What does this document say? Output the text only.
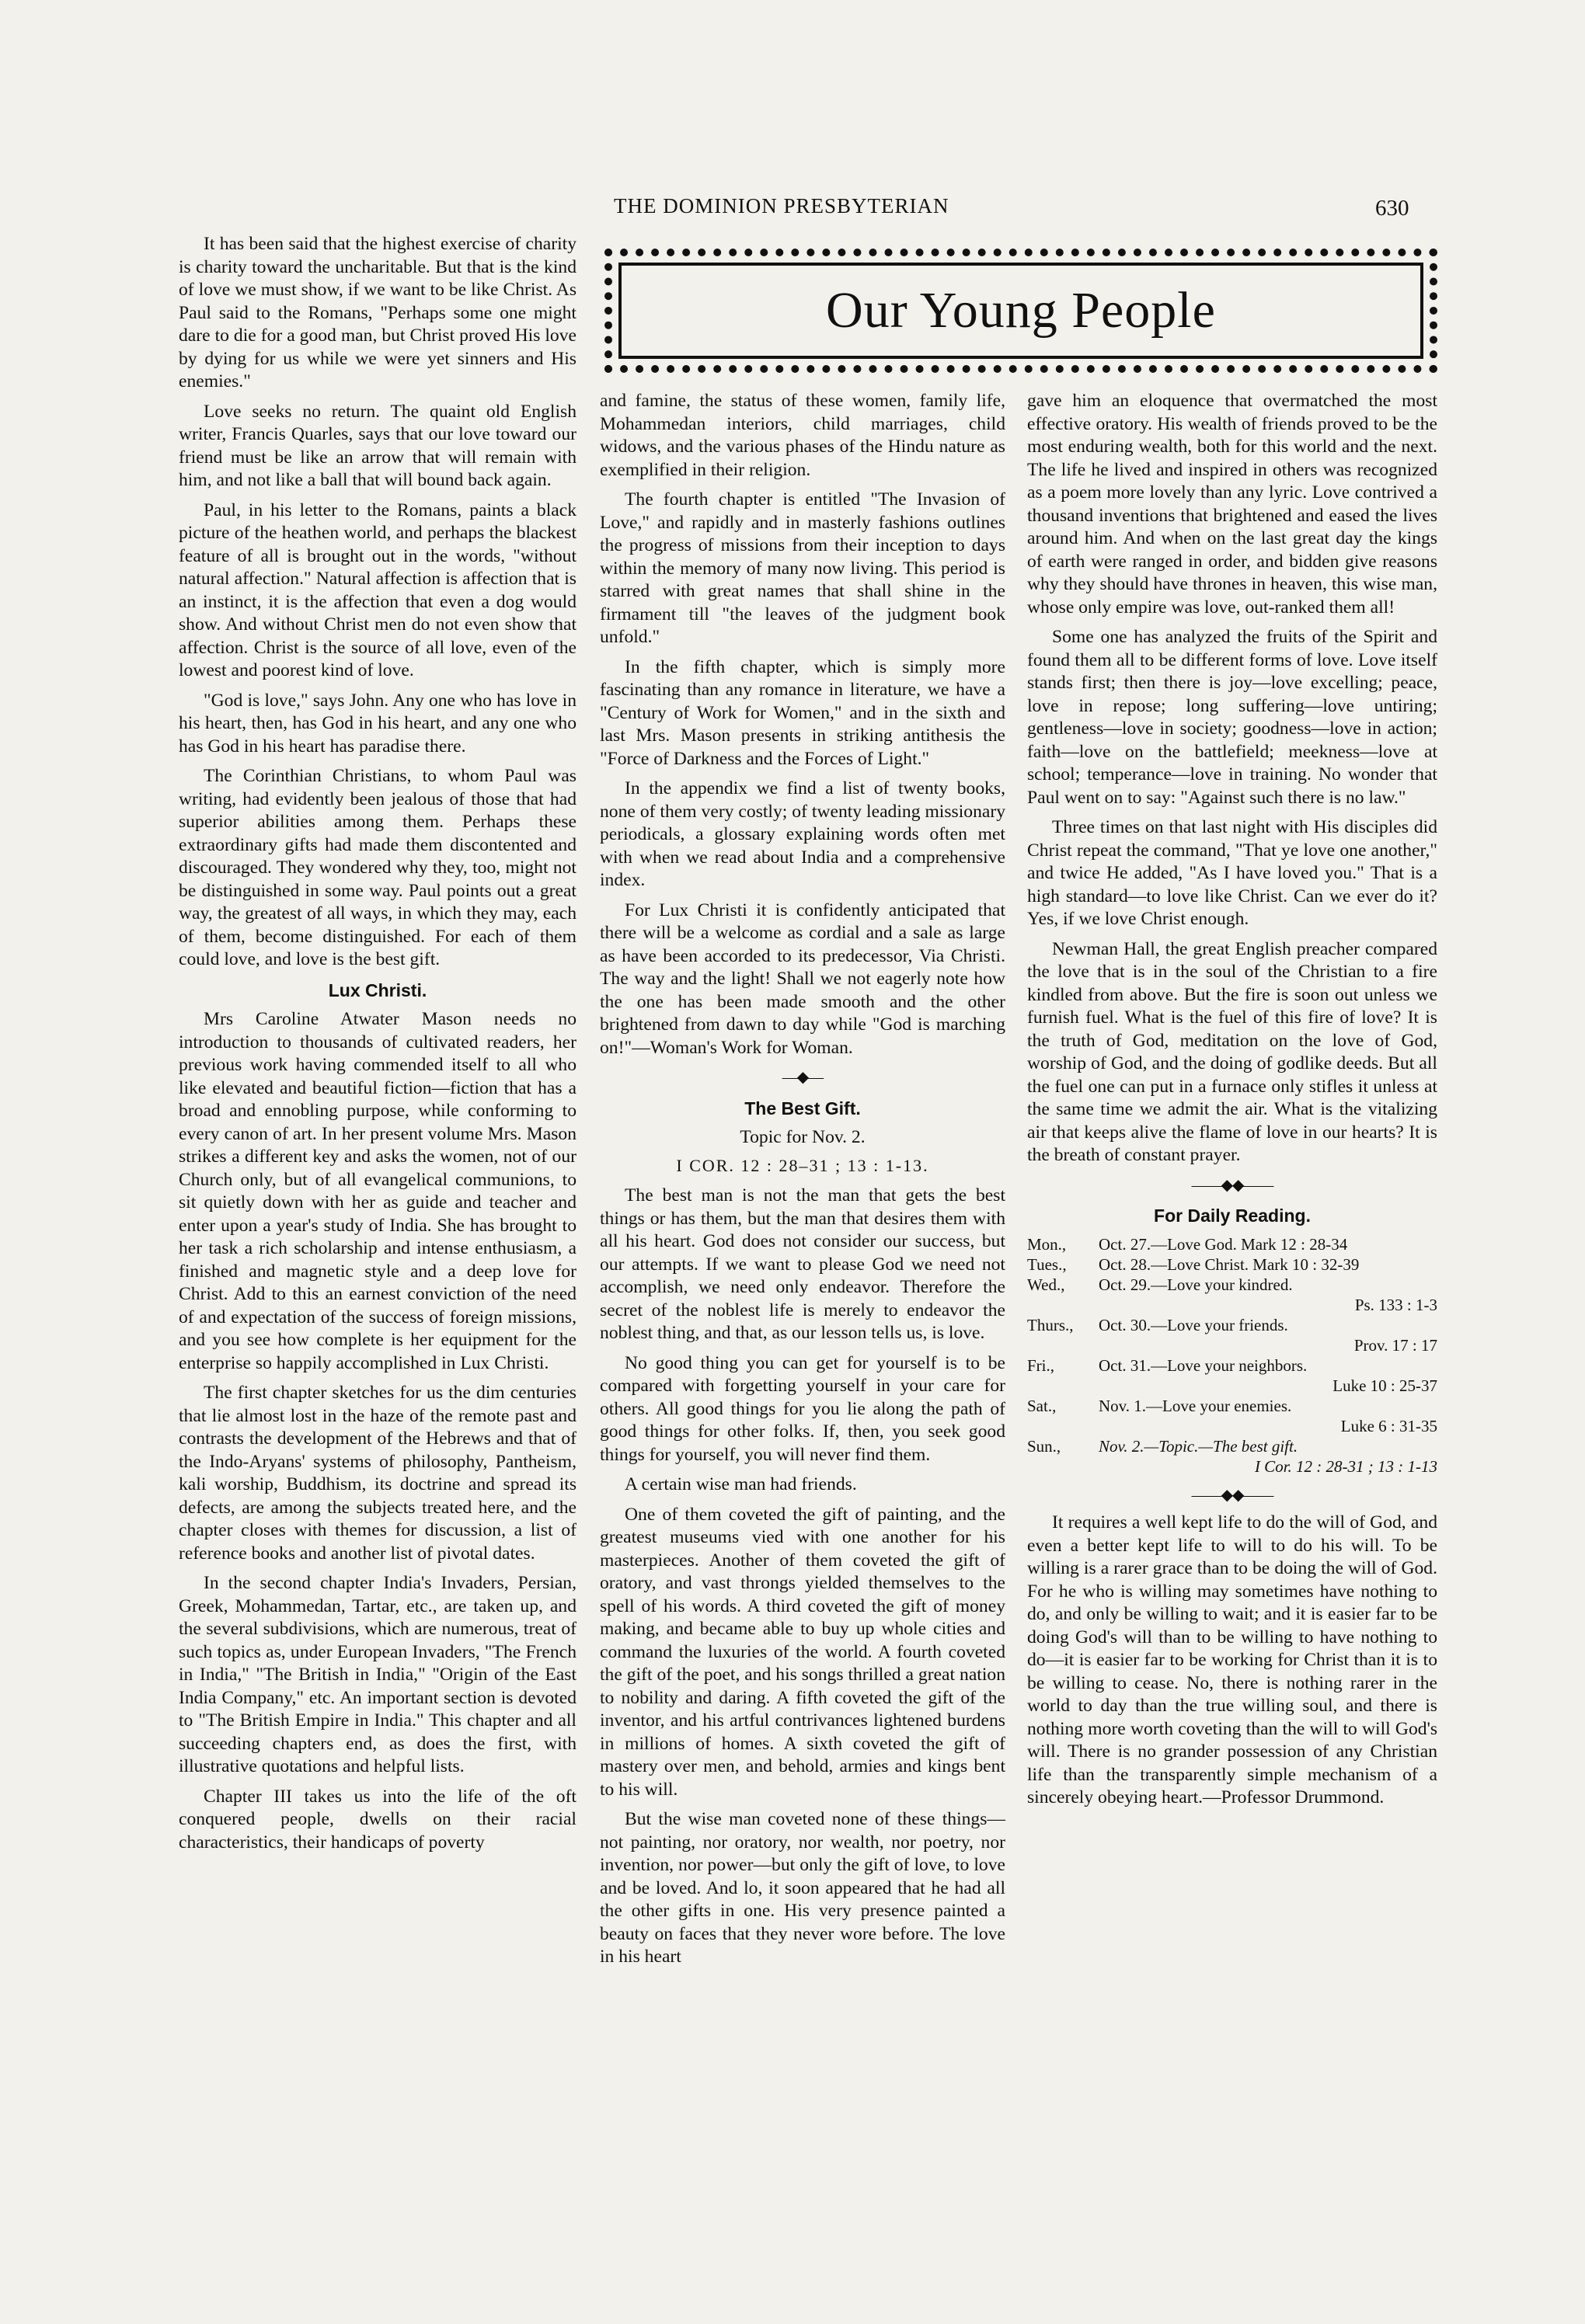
THE DOMINION PRESBYTERIAN	630
Our Young People

It has been said that the highest exercise of charity is charity toward the uncharitable. But that is the kind of love we must show, if we want to be like Christ. As Paul said to the Romans, "Perhaps some one might dare to die for a good man, but Christ proved His love by dying for us while we were yet sinners and His enemies."

Love seeks no return. The quaint old English writer, Francis Quarles, says that our love toward our friend must be like an arrow that will remain with him, and not like a ball that will bound back again.

Paul, in his letter to the Romans, paints a black picture of the heathen world, and perhaps the blackest feature of all is brought out in the words, "without natural affection." Natural affection is affection that is an instinct, it is the affection that even a dog would show. And without Christ men do not even show that affection. Christ is the source of all love, even of the lowest and poorest kind of love.

"God is love," says John. Any one who has love in his heart, then, has God in his heart, and any one who has God in his heart has paradise there.

The Corinthian Christians, to whom Paul was writing, had evidently been jealous of those that had superior abilities among them. Perhaps these extraordinary gifts had made them discontented and discouraged. They wondered why they, too, might not be distinguished in some way. Paul points out a great way, the greatest of all ways, in which they may, each of them, become distinguished. For each of them could love, and love is the best gift.

Lux Christi.

Mrs Caroline Atwater Mason needs no introduction to thousands of cultivated readers, her previous work having commended itself to all who like elevated and beautiful fiction—fiction that has a broad and ennobling purpose, while conforming to every canon of art. In her present volume Mrs. Mason strikes a different key and asks the women, not of our Church only, but of all evangelical communions, to sit quietly down with her as guide and teacher and enter upon a year's study of India. She has brought to her task a rich scholarship and intense enthusiasm, a finished and magnetic style and a deep love for Christ. Add to this an earnest conviction of the need of and expectation of the success of foreign missions, and you see how complete is her equipment for the enterprise so happily accomplished in Lux Christi.

The first chapter sketches for us the dim centuries that lie almost lost in the haze of the remote past and contrasts the development of the Hebrews and that of the Indo-Aryans' systems of philosophy, Pantheism, kali worship, Buddhism, its doctrine and spread its defects, are among the subjects treated here, and the chapter closes with themes for discussion, a list of reference books and another list of pivotal dates.

In the second chapter India's Invaders, Persian, Greek, Mohammedan, Tartar, etc., are taken up, and the several subdivisions, which are numerous, treat of such topics as, under European Invaders, "The French in India," "The British in India," "Origin of the East India Company," etc. An important section is devoted to "The British Empire in India." This chapter and all succeeding chapters end, as does the first, with illustrative quotations and helpful lists.

Chapter III takes us into the life of the oft conquered people, dwells on their racial characteristics, their handicaps of poverty

and famine, the status of these women, family life, Mohammedan interiors, child marriages, child widows, and the various phases of the Hindu nature as exemplified in their religion.

The fourth chapter is entitled "The Invasion of Love," and rapidly and in masterly fashions outlines the progress of missions from their inception to days within the memory of many now living. This period is starred with great names that shall shine in the firmament till "the leaves of the judgment book unfold."

In the fifth chapter, which is simply more fascinating than any romance in literature, we have a "Century of Work for Women," and in the sixth and last Mrs. Mason presents in striking antithesis the "Force of Darkness and the Forces of Light."

In the appendix we find a list of twenty books, none of them very costly; of twenty leading missionary periodicals, a glossary explaining words often met with when we read about India and a comprehensive index.

For Lux Christi it is confidently anticipated that there will be a welcome as cordial and a sale as large as have been accorded to its predecessor, Via Christi. The way and the light! Shall we not eagerly note how the one has been made smooth and the other brightened from dawn to day while "God is marching on!"—Woman's Work for Woman.

—◆—
The Best Gift.
Topic for Nov. 2.
I COR. 12 : 28–31 ; 13 : 1-13.

The best man is not the man that gets the best things or has them, but the man that desires them with all his heart. God does not consider our success, but our attempts. If we want to please God we need not accomplish, we need only endeavor. Therefore the secret of the noblest life is merely to endeavor the noblest thing, and that, as our lesson tells us, is love.

No good thing you can get for yourself is to be compared with forgetting yourself in your care for others. All good things for you lie along the path of good things for other folks. If, then, you seek good things for yourself, you will never find them.

A certain wise man had friends.

One of them coveted the gift of painting, and the greatest museums vied with one another for his masterpieces. Another of them coveted the gift of oratory, and vast throngs yielded themselves to the spell of his words. A third coveted the gift of money making, and became able to buy up whole cities and command the luxuries of the world. A fourth coveted the gift of the poet, and his songs thrilled a great nation to nobility and daring. A fifth coveted the gift of the inventor, and his artful contrivances lightened burdens in millions of homes. A sixth coveted the gift of mastery over men, and behold, armies and kings bent to his will.

But the wise man coveted none of these things—not painting, nor oratory, nor wealth, nor poetry, nor invention, nor power—but only the gift of love, to love and be loved. And lo, it soon appeared that he had all the other gifts in one. His very presence painted a beauty on faces that they never wore before. The love in his heart

gave him an eloquence that overmatched the most effective oratory. His wealth of friends proved to be the most enduring wealth, both for this world and the next. The life he lived and inspired in others was recognized as a poem more lovely than any lyric. Love contrived a thousand inventions that brightened and eased the lives around him. And when on the last great day the kings of earth were ranged in order, and bidden give reasons why they should have thrones in heaven, this wise man, whose only empire was love, out-ranked them all!

Some one has analyzed the fruits of the Spirit and found them all to be different forms of love. Love itself stands first; then there is joy—love excelling; peace, love in repose; long suffering—love untiring; gentleness—love in society; goodness—love in action; faith—love on the battlefield; meekness—love at school; temperance—love in training. No wonder that Paul went on to say: "Against such there is no law."

Three times on that last night with His disciples did Christ repeat the command, "That ye love one another," and twice He added, "As I have loved you." That is a high standard—to love like Christ. Can we ever do it? Yes, if we love Christ enough.

Newman Hall, the great English preacher compared the love that is in the soul of the Christian to a fire kindled from above. But the fire is soon out unless we furnish fuel. What is the fuel of this fire of love? It is the truth of God, meditation on the love of God, worship of God, and the doing of godlike deeds. But all the fuel one can put in a furnace only stifles it unless at the same time we admit the air. What is the vitalizing air that keeps alive the flame of love in our hearts? It is the breath of constant prayer.

——◆◆——
For Daily Reading.
Mon.,	Oct. 27.—Love God. Mark 12 : 28-34
Tues.,	Oct. 28.—Love Christ. Mark 10 : 32-39
Wed.,	Oct. 29.—Love your kindred.
Ps. 133 : 1-3
Thurs.,	Oct. 30.—Love your friends.
Prov. 17 : 17
Fri.,	Oct. 31.—Love your neighbors.
Luke 10 : 25-37
Sat.,	Nov. 1.—Love your enemies.
Luke 6 : 31-35
Sun.,	Nov. 2.—Topic.—The best gift.
I Cor. 12 : 28-31 ; 13 : 1-13
——◆◆——

It requires a well kept life to do the will of God, and even a better kept life to will to do his will. To be willing is a rarer grace than to be doing the will of God. For he who is willing may sometimes have nothing to do, and only be willing to wait; and it is easier far to be doing God's will than to be willing to have nothing to do—it is easier far to be working for Christ than it is to be willing to cease. No, there is nothing rarer in the world to day than the true willing soul, and there is nothing more worth coveting than the will to will God's will. There is no grander possession of any Christian life than the transparently simple mechanism of a sincerely obeying heart.—Professor Drummond.
